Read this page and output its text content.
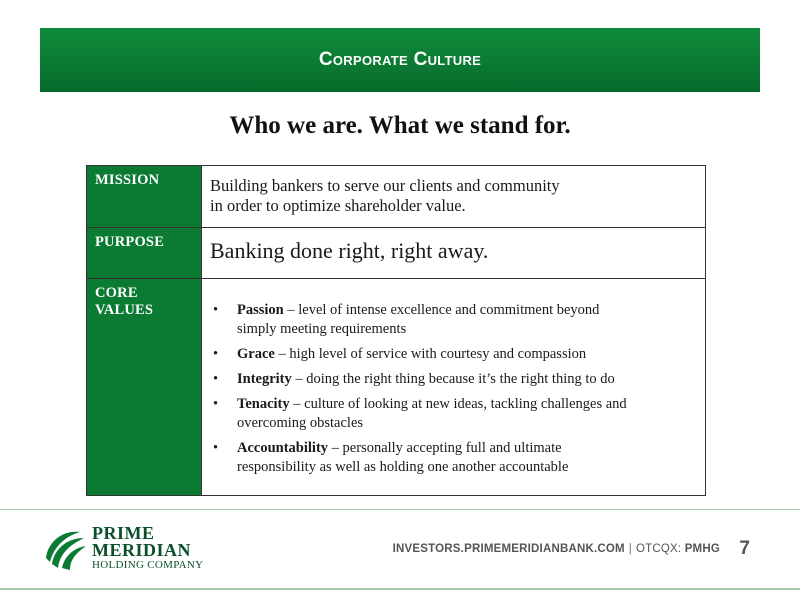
Corporate Culture
Who we are. What we stand for.
MISSION	Building bankers to serve our clients and community
in order to optimize shareholder value.
PURPOSE	Banking done right, right away.
CORE
VALUES	• Passion – level of intense excellence and commitment beyond
simply meeting requirements
• Grace – high level of service with courtesy and compassion
• Integrity – doing the right thing because it’s the right thing to do
• Tenacity – culture of looking at new ideas, tackling challenges and
overcoming obstacles
• Accountability – personally accepting full and ultimate
responsibility as well as holding one another accountable
PRIME
MERIDIAN
HOLDING COMPANY
INVESTORS.PRIMEMERIDIANBANK.COM | OTCQX: PMHG 7
